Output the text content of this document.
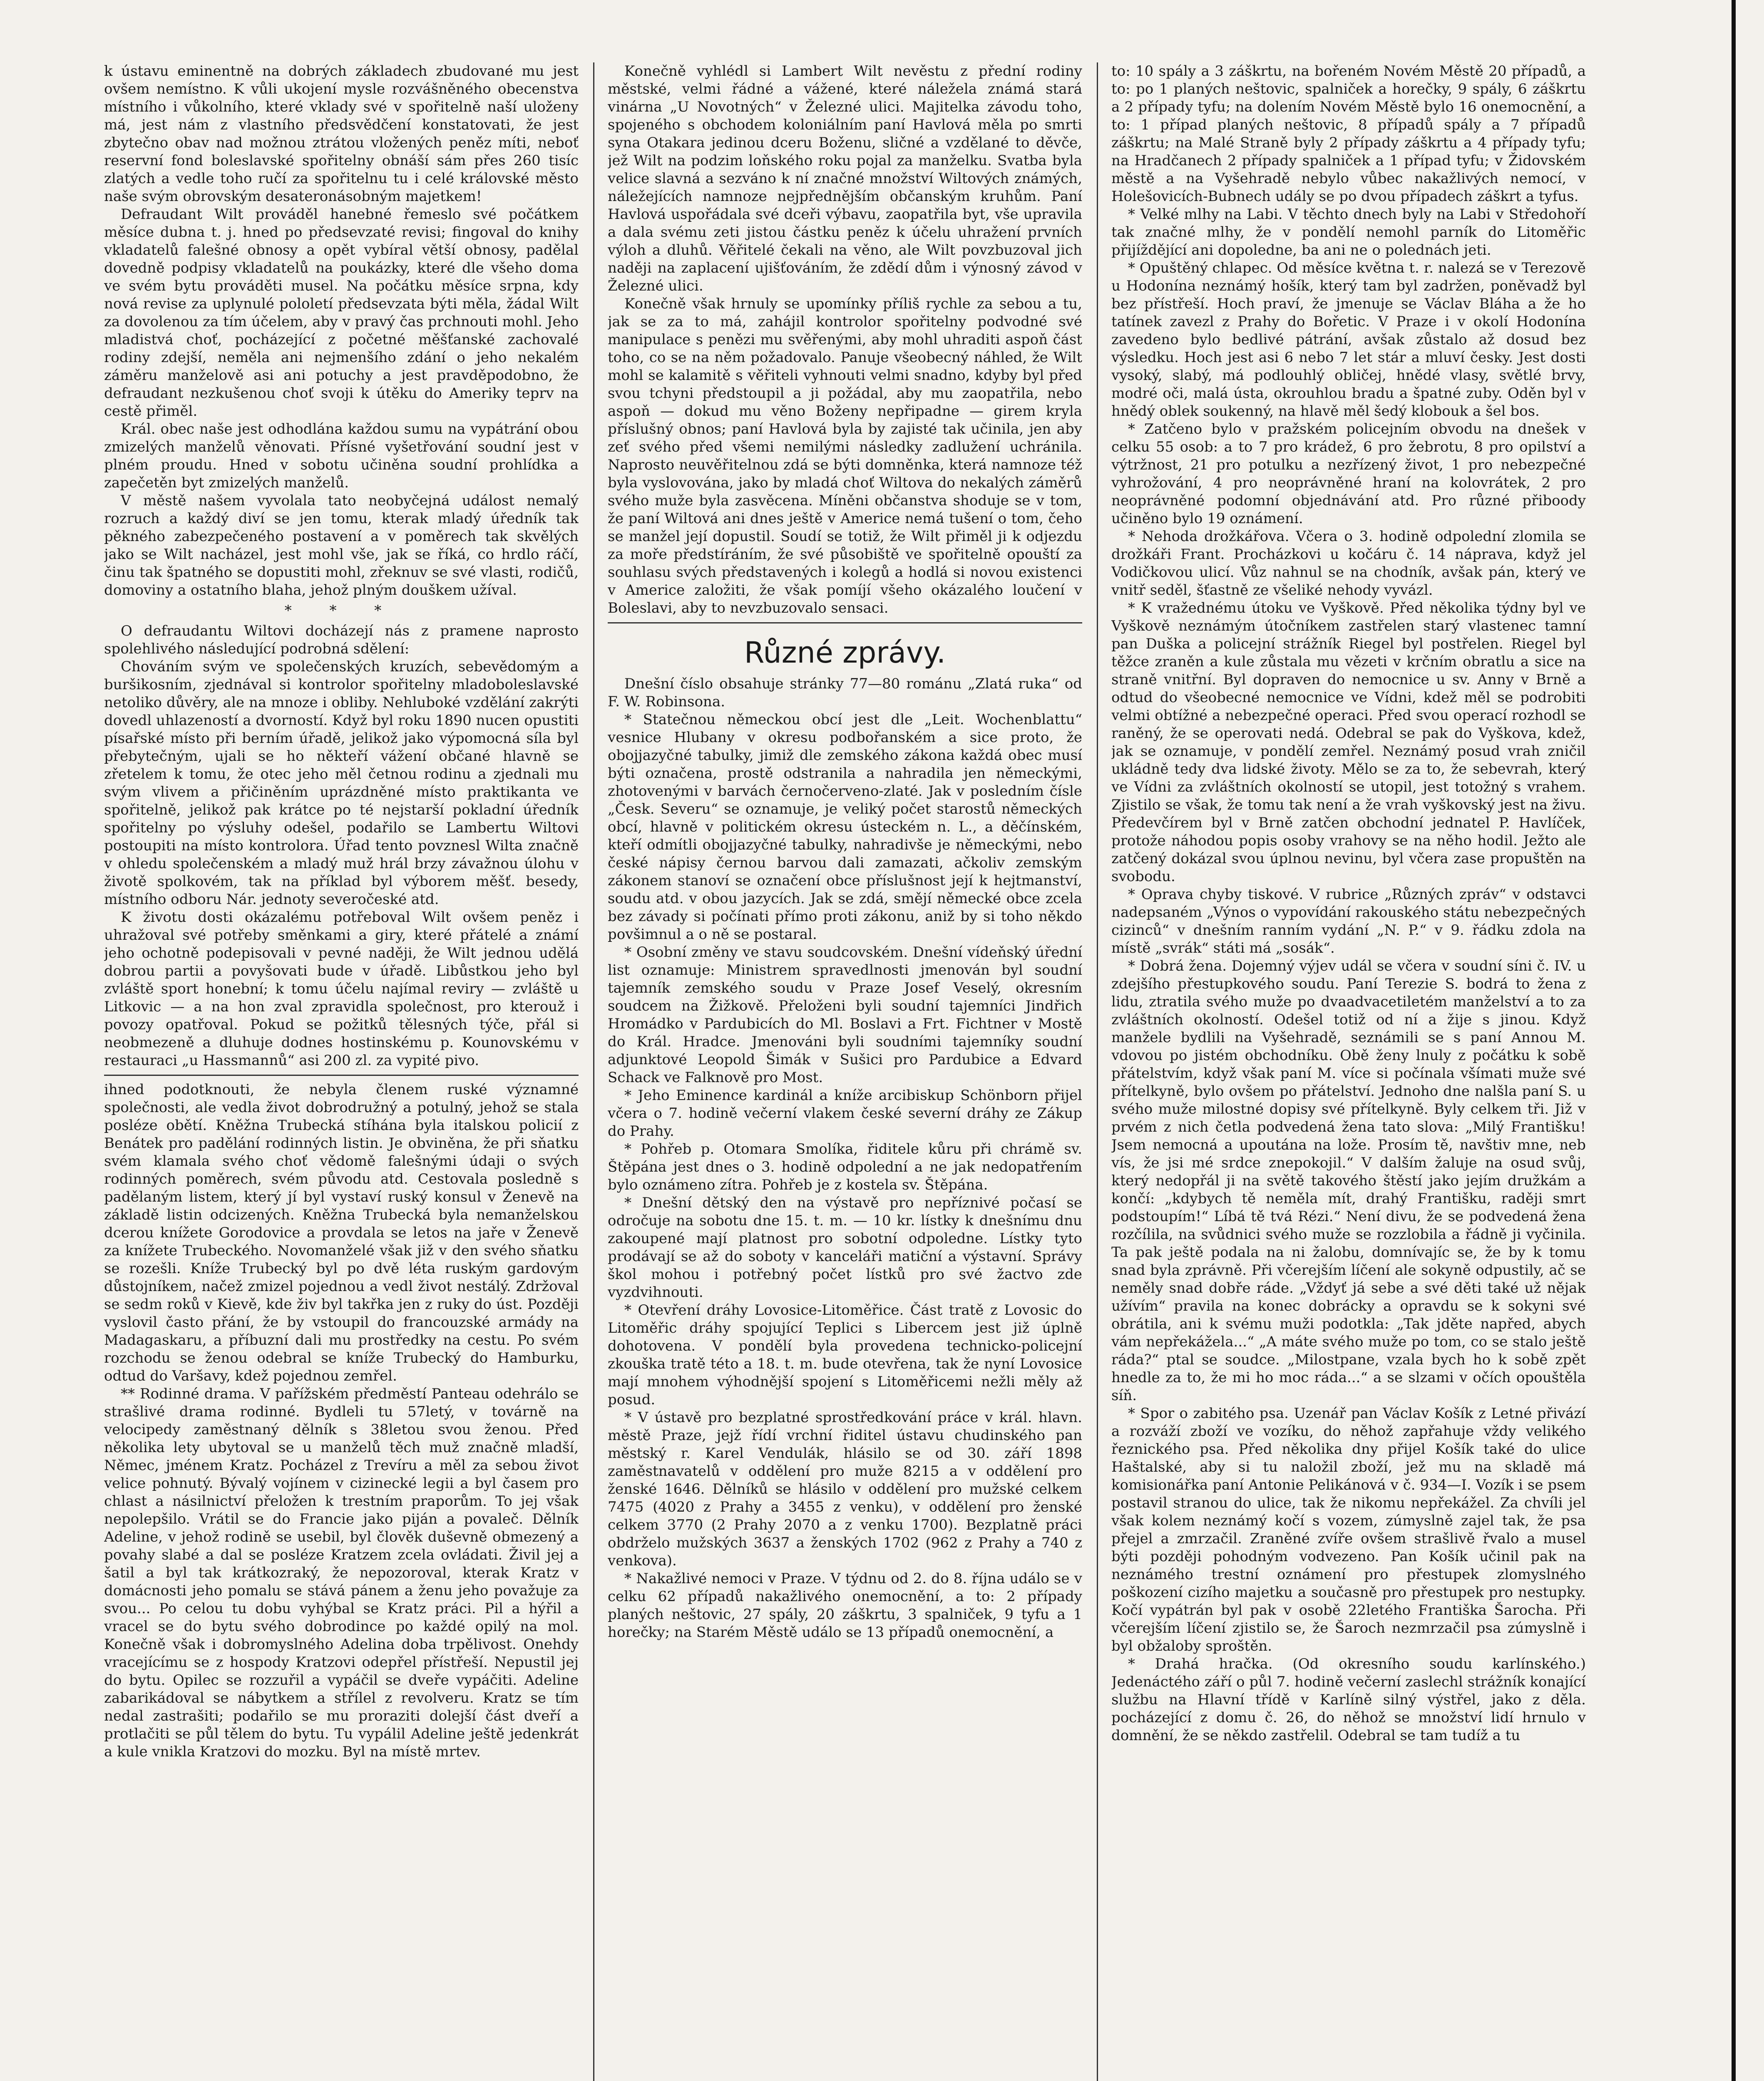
k ústavu eminentně na dobrých základech zbudované mu jest ovšem nemístno. K vůli ukojení mysle rozvášněného obecenstva místního i vůkolního, které vklady své v spořitelně naší uloženy má, jest nám z vlastního předsvědčení konstatovati, že jest zbytečno obav nad možnou ztrátou vložených peněz míti, neboť reservní fond boleslavské spořitelny obnáší sám přes 260 tisíc zlatých a vedle toho ručí za spořitelnu tu i celé královské město naše svým obrovským desateronásobným majetkem!

Defraudant Wilt prováděl hanebné řemeslo své počátkem měsíce dubna t. j. hned po předsevzaté revisi; fingoval do knihy vkladatelů falešné obnosy a opět vybíral větší obnosy, padělal dovedně podpisy vkladatelů na poukázky, které dle všeho doma ve svém bytu prováděti musel. Na počátku měsíce srpna, kdy nová revise za uplynulé pololetí předsevzata býti měla, žádal Wilt za dovolenou za tím účelem, aby v pravý čas prchnouti mohl. Jeho mladistvá choť, pocházející z početné měšťanské zachovalé rodiny zdejší, neměla ani nejmenšího zdání o jeho nekalém záměru manželově asi ani potuchy a jest pravděpodobno, že defraudant nezkušenou choť svoji k útěku do Ameriky teprv na cestě přiměl.

Král. obec naše jest odhodlána každou sumu na vypátrání obou zmizelých manželů věnovati. Přísné vyšetřování soudní jest v plném proudu. Hned v sobotu učiněna soudní prohlídka a zapečetěn byt zmizelých manželů.

V městě našem vyvolala tato neobyčejná událost nemalý rozruch a každý diví se jen tomu, kterak mladý úředník tak pěkného zabezpečeného postavení a v poměrech tak skvělých jako se Wilt nacházel, jest mohl vše, jak se říká, co hrdlo ráčí, činu tak špatného se dopustiti mohl, zřeknuv se své vlasti, rodičů, domoviny a ostatního blaha, jehož plným douškem užíval.

* * *

O defraudantu Wiltovi docházejí nás z pramene naprosto spolehlivého následující podrobná sdělení:

Chováním svým ve společenských kruzích, sebevědomým a buršikosním, zjednával si kontrolor spořitelny mladoboleslavské netoliko důvěry, ale na mnoze i obliby. Nehluboké vzdělání zakrýti dovedl uhlazeností a dvorností. Když byl roku 1890 nucen opustiti písařské místo při berním úřadě, jelikož jako výpomocná síla byl přebytečným, ujali se ho někteří vážení občané hlavně se zřetelem k tomu, že otec jeho měl četnou rodinu a zjednali mu svým vlivem a přičiněním uprázdněné místo praktikanta ve spořitelně, jelikož pak krátce po té nejstarší pokladní úředník spořitelny po výsluhy odešel, podařilo se Lambertu Wiltovi postoupiti na místo kontrolora. Úřad tento povznesl Wilta značně v ohledu společenském a mladý muž hrál brzy závažnou úlohu v životě spolkovém, tak na příklad byl výborem měšť. besedy, místního odboru Nár. jednoty severočeské atd.

K životu dosti okázalému potřeboval Wilt ovšem peněz i uhražoval své potřeby směnkami a giry, které přátelé a známí jeho ochotně podepisovali v pevné naději, že Wilt jednou udělá dobrou partii a povyšovati bude v úřadě. Libůstkou jeho byl zvláště sport honební; k tomu účelu najímal reviry — zvláště u Litkovic — a na hon zval zpravidla společnost, pro kterouž i povozy opatřoval. Pokud se požitků tělesných týče, přál si neobmezeně a dluhuje dodnes hostinskému p. Kounovskému v restauraci „u Hassmannů“ asi 200 zl. za vypité pivo.

ihned podotknouti, že nebyla členem ruské významné společnosti, ale vedla život dobrodružný a potulný, jehož se stala posléze obětí. Kněžna Trubecká stíhána byla italskou policií z Benátek pro padělání rodinných listin. Je obviněna, že při sňatku svém klamala svého choť vědomě falešnými údaji o svých rodinných poměrech, svém původu atd. Cestovala posledně s padělaným listem, který jí byl vystaví ruský konsul v Ženevě na základě listin odcizených. Kněžna Trubecká byla nemanželskou dcerou knížete Gorodovice a provdala se letos na jaře v Ženevě za knížete Trubeckého. Novomanželé však již v den svého sňatku se rozešli. Kníže Trubecký byl po dvě léta ruským gardovým důstojníkem, načež zmizel pojednou a vedl život nestálý. Zdržoval se sedm roků v Kievě, kde živ byl takřka jen z ruky do úst. Později vyslovil často přání, že by vstoupil do francouzské armády na Madagaskaru, a příbuzní dali mu prostředky na cestu. Po svém rozchodu se ženou odebral se kníže Trubecký do Hamburku, odtud do Varšavy, kdež pojednou zemřel.

** Rodinné drama. V pařížském předměstí Panteau odehrálo se strašlivé drama rodinné. Bydleli tu 57letý, v továrně na velocipedy zaměstnaný dělník s 38letou svou ženou. Před několika lety ubytoval se u manželů těch muž značně mladší, Němec, jménem Kratz. Pocházel z Trevíru a měl za sebou život velice pohnutý. Bývalý vojínem v cizinecké legii a byl časem pro chlast a násilnictví přeložen k trestním praporům. To jej však nepolepšilo. Vrátil se do Francie jako piján a povaleč. Dělník Adeline, v jehož rodině se usebil, byl člověk duševně obmezený a povahy slabé a dal se posléze Kratzem zcela ovládati. Živil jej a šatil a byl tak krátkozraký, že nepozoroval, kterak Kratz v domácnosti jeho pomalu se stává pánem a ženu jeho považuje za svou... Po celou tu dobu vyhýbal se Kratz práci. Pil a hýřil a vracel se do bytu svého dobrodince po každé opilý na mol. Konečně však i dobromyslného Adelina doba trpělivost. Onehdy vracejícímu se z hospody Kratzovi odepřel přístřeší. Nepustil jej do bytu. Opilec se rozzuřil a vypáčil se dveře vypáčiti. Adeline zabarikádoval se nábytkem a střílel z revolveru. Kratz se tím nedal zastrašiti; podařilo se mu proraziti dolejší část dveří a protlačiti se půl tělem do bytu. Tu vypálil Adeline ještě jedenkrát a kule vnikla Kratzovi do mozku. Byl na místě mrtev.

Konečně vyhlédl si Lambert Wilt nevěstu z přední rodiny městské, velmi řádné a vážené, které náležela známá stará vinárna „U Novotných“ v Železné ulici. Majitelka závodu toho, spojeného s obchodem koloniálním paní Havlová měla po smrti syna Otakara jedinou dceru Boženu, sličné a vzdělané to děvče, jež Wilt na podzim loňského roku pojal za manželku. Svatba byla velice slavná a sezváno k ní značné množství Wiltových známých, náležejících namnoze nejpřednějším občanským kruhům. Paní Havlová uspořádala své dceři výbavu, zaopatřila byt, vše upravila a dala svému zeti jistou částku peněz k účelu uhražení prvních výloh a dluhů. Věřitelé čekali na věno, ale Wilt povzbuzoval jich naději na zaplacení ujišťováním, že zdědí dům i výnosný závod v Železné ulici.

Konečně však hrnuly se upomínky příliš rychle za sebou a tu, jak se za to má, zahájil kontrolor spořitelny podvodné své manipulace s penězi mu svěřenými, aby mohl uhraditi aspoň část toho, co se na něm požadovalo. Panuje všeobecný náhled, že Wilt mohl se kalamitě s věřiteli vyhnouti velmi snadno, kdyby byl před svou tchyni předstoupil a ji požádal, aby mu zaopatřila, nebo aspoň — dokud mu věno Boženy nepřipadne — girem kryla příslušný obnos; paní Havlová byla by zajisté tak učinila, jen aby zeť svého před všemi nemilými následky zadlužení uchránila. Naprosto neuvěřitelnou zdá se býti domněnka, která namnoze též byla vyslovována, jako by mladá choť Wiltova do nekalých záměrů svého muže byla zasvěcena. Míněni občanstva shoduje se v tom, že paní Wiltová ani dnes ještě v Americe nemá tušení o tom, čeho se manžel její dopustil. Soudí se totiž, že Wilt přiměl ji k odjezdu za moře předstíráním, že své působiště ve spořitelně opouští za souhlasu svých představených i kolegů a hodlá si novou existenci v Americe založiti, že však pomíjí všeho okázalého loučení v Boleslavi, aby to nevzbuzovalo sensaci.

Různé zprávy.

Dnešní číslo obsahuje stránky 77—80 románu „Zlatá ruka“ od F. W. Robinsona.

* Statečnou německou obcí jest dle „Leit. Wochenblattu“ vesnice Hlubany v okresu podbořanském a sice proto, že obojjazyčné tabulky, jimiž dle zemského zákona každá obec musí býti označena, prostě odstranila a nahradila jen německými, zhotovenými v barvách černočerveno-zlaté. Jak v posledním čísle „Česk. Severu“ se oznamuje, je veliký počet starostů německých obcí, hlavně v politickém okresu ústeckém n. L., a děčínském, kteří odmítli obojjazyčné tabulky, nahradivše je německými, nebo české nápisy černou barvou dali zamazati, ačkoliv zemským zákonem stanoví se označení obce příslušnost její k hejtmanství, soudu atd. v obou jazycích. Jak se zdá, smějí německé obce zcela bez závady si počínati přímo proti zákonu, aniž by si toho někdo povšimnul a o ně se postaral.

* Osobní změny ve stavu soudcovském. Dnešní vídeňský úřední list oznamuje: Ministrem spravedlnosti jmenován byl soudní tajemník zemského soudu v Praze Josef Veselý, okresním soudcem na Žižkově. Přeloženi byli soudní tajemníci Jindřich Hromádko v Pardubicích do Ml. Boslavi a Frt. Fichtner v Mostě do Král. Hradce. Jmenováni byli soudními tajemníky soudní adjunktové Leopold Šimák v Sušici pro Pardubice a Edvard Schack ve Falknově pro Most.

* Jeho Eminence kardinál a kníže arcibiskup Schönborn přijel včera o 7. hodině večerní vlakem české severní dráhy ze Zákup do Prahy.

* Pohřeb p. Otomara Smolíka, řiditele kůru při chrámě sv. Štěpána jest dnes o 3. hodině odpolední a ne jak nedopatřením bylo oznámeno zítra. Pohřeb je z kostela sv. Štěpána.

* Dnešní dětský den na výstavě pro nepříznivé počasí se odročuje na sobotu dne 15. t. m. — 10 kr. lístky k dnešnímu dnu zakoupené mají platnost pro sobotní odpoledne. Lístky tyto prodávají se až do soboty v kanceláři matiční a výstavní. Správy škol mohou i potřebný počet lístků pro své žactvo zde vyzdvihnouti.

* Otevření dráhy Lovosice-Litoměřice. Část tratě z Lovosic do Litoměřic dráhy spojující Teplici s Libercem jest již úplně dohotovena. V pondělí byla provedena technicko-policejní zkouška tratě této a 18. t. m. bude otevřena, tak že nyní Lovosice mají mnohem výhodnější spojení s Litoměřicemi nežli měly až posud.

* V ústavě pro bezplatné sprostředkování práce v král. hlavn. městě Praze, jejž řídí vrchní řiditel ústavu chudinského pan městský r. Karel Vendulák, hlásilo se od 30. září 1898 zaměstnavatelů v oddělení pro muže 8215 a v oddělení pro ženské 1646. Dělníků se hlásilo v oddělení pro mužské celkem 7475 (4020 z Prahy a 3455 z venku), v oddělení pro ženské celkem 3770 (2 Prahy 2070 a z venku 1700). Bezplatně práci obdrželo mužských 3637 a ženských 1702 (962 z Prahy a 740 z venkova).

* Nakažlivé nemoci v Praze. V týdnu od 2. do 8. října událo se v celku 62 případů nakažlivého onemocnění, a to: 2 případy planých neštovic, 27 spály, 20 záškrtu, 3 spalniček, 9 tyfu a 1 horečky; na Starém Městě událo se 13 případů onemocnění, a

to: 10 spály a 3 záškrtu, na bořeném Novém Městě 20 případů, a to: po 1 planých neštovic, spalniček a horečky, 9 spály, 6 záškrtu a 2 případy tyfu; na dolením Novém Městě bylo 16 onemocnění, a to: 1 případ planých neštovic, 8 případů spály a 7 případů záškrtu; na Malé Straně byly 2 případy záškrtu a 4 případy tyfu; na Hradčanech 2 případy spalniček a 1 případ tyfu; v Židovském městě a na Vyšehradě nebylo vůbec nakažlivých nemocí, v Holešovicích-Bubnech udály se po dvou případech záškrt a tyfus.

* Velké mlhy na Labi. V těchto dnech byly na Labi v Středohoří tak značné mlhy, že v pondělí nemohl parník do Litoměřic přijíždějící ani dopoledne, ba ani ne o polednách jeti.

* Opuštěný chlapec. Od měsíce května t. r. nalezá se v Terezově u Hodonína neznámý hošík, který tam byl zadržen, poněvadž byl bez přístřeší. Hoch praví, že jmenuje se Václav Bláha a že ho tatínek zavezl z Prahy do Bořetic. V Praze i v okolí Hodonína zavedeno bylo bedlivé pátrání, avšak zůstalo až dosud bez výsledku. Hoch jest asi 6 nebo 7 let stár a mluví česky. Jest dosti vysoký, slabý, má podlouhlý obličej, hnědé vlasy, světlé brvy, modré oči, malá ústa, okrouhlou bradu a špatné zuby. Oděn byl v hnědý oblek soukenný, na hlavě měl šedý klobouk a šel bos.

* Zatčeno bylo v pražském policejním obvodu na dnešek v celku 55 osob: a to 7 pro krádež, 6 pro žebrotu, 8 pro opilství a výtržnost, 21 pro potulku a nezřízený život, 1 pro nebezpečné vyhrožování, 4 pro neoprávněné hraní na kolovrátek, 2 pro neoprávněné podomní objednávání atd. Pro různé přiboody učiněno bylo 19 oznámení.

* Nehoda drožkářova. Včera o 3. hodině odpolední zlomila se drožkáři Frant. Procházkovi u kočáru č. 14 náprava, když jel Vodičkovou ulicí. Vůz nahnul se na chodník, avšak pán, který ve vnitř seděl, šťastně ze všeliké nehody vyvázl.

* K vražednému útoku ve Vyškově. Před několika týdny byl ve Vyškově neznámým útočníkem zastřelen starý vlastenec tamní pan Duška a policejní strážník Riegel byl postřelen. Riegel byl těžce zraněn a kule zůstala mu vězeti v krčním obratlu a sice na straně vnitřní. Byl dopraven do nemocnice u sv. Anny v Brně a odtud do všeobecné nemocnice ve Vídni, kdež měl se podrobiti velmi obtížné a nebezpečné operaci. Před svou operací rozhodl se raněný, že se operovati nedá. Odebral se pak do Vyškova, kdež, jak se oznamuje, v pondělí zemřel. Neznámý posud vrah zničil ukládně tedy dva lidské životy. Mělo se za to, že sebevrah, který ve Vídni za zvláštních okolností se utopil, jest totožný s vrahem. Zjistilo se však, že tomu tak není a že vrah vyškovský jest na živu. Předevčírem byl v Brně zatčen obchodní jednatel P. Havlíček, protože náhodou popis osoby vrahovy se na něho hodil. Ježto ale zatčený dokázal svou úplnou nevinu, byl včera zase propuštěn na svobodu.

* Oprava chyby tiskové. V rubrice „Různých zpráv“ v odstavci nadepsaném „Výnos o vypovídání rakouského státu nebezpečných cizinců“ v dnešním ranním vydání „N. P.“ v 9. řádku zdola na místě „svrák“ státi má „sosák“.

* Dobrá žena. Dojemný výjev udál se včera v soudní síni č. IV. u zdejšího přestupkového soudu. Paní Terezie S. bodrá to žena z lidu, ztratila svého muže po dvaadvacetiletém manželství a to za zvláštních okolností. Odešel totiž od ní a žije s jinou. Když manžele bydlili na Vyšehradě, seznámili se s paní Annou M. vdovou po jistém obchodníku. Obě ženy lnuly z počátku k sobě přátelstvím, když však paní M. více si počínala všímati muže své přítelkyně, bylo ovšem po přátelství. Jednoho dne nalšla paní S. u svého muže milostné dopisy své přítelkyně. Byly celkem tři. Již v prvém z nich četla podvedená žena tato slova: „Milý Františku! Jsem nemocná a upoutána na lože. Prosím tě, navštiv mne, neb vís, že jsi mé srdce znepokojil.“ V dalším žaluje na osud svůj, který nedopřál ji na světě takového štěstí jako jejím družkám a končí: „kdybych tě neměla mít, drahý Františku, raději smrt podstoupím!“ Líbá tě tvá Rézi.“ Není divu, že se podvedená žena rozčílila, na svůdnici svého muže se rozzlobila a řádně ji vyčinila. Ta pak ještě podala na ni žalobu, domnívajíc se, že by k tomu snad byla zprávně. Při včerejším líčení ale sokyně odpustily, ač se neměly snad dobře ráde. „Vždyť já sebe a své děti také už nějak užívím“ pravila na konec dobrácky a opravdu se k sokyni své obrátila, ani k svému muži podotkla: „Tak jděte napřed, abych vám nepřekážela...“ „A máte svého muže po tom, co se stalo ještě ráda?“ ptal se soudce. „Milostpane, vzala bych ho k sobě zpět hnedle za to, že mi ho moc ráda...“ a se slzami v očích opouštěla síň.

* Spor o zabitého psa. Uzenář pan Václav Košík z Letné přivází a rozváží zboží ve vozíku, do něhož zapřahuje vždy velikého řeznického psa. Před několika dny přijel Košík také do ulice Haštalské, aby si tu naložil zboží, jež mu na skladě má komisionářka paní Antonie Pelikánová v č. 934—I. Vozík i se psem postavil stranou do ulice, tak že nikomu nepřekážel. Za chvíli jel však kolem neznámý kočí s vozem, zúmyslně zajel tak, že psa přejel a zmrzačil. Zraněné zvíře ovšem strašlivě řvalo a musel býti později pohodným vodvezeno. Pan Košík učinil pak na neznámého trestní oznámení pro přestupek zlomyslného poškození cizího majetku a současně pro přestupek pro nestupky. Kočí vypátrán byl pak v osobě 22letého Františka Šarocha. Při včerejším líčení zjistilo se, že Šaroch nezmrzačil psa zúmyslně i byl obžaloby sproštěn.

* Drahá hračka. (Od okresního soudu karlínského.) Jedenáctého září o půl 7. hodině večerní zaslechl strážník konající službu na Hlavní třídě v Karlíně silný výstřel, jako z děla. pocházející z domu č. 26, do něhož se množství lidí hrnulo v domnění, že se někdo zastřelil. Odebral se tam tudíž a tu
